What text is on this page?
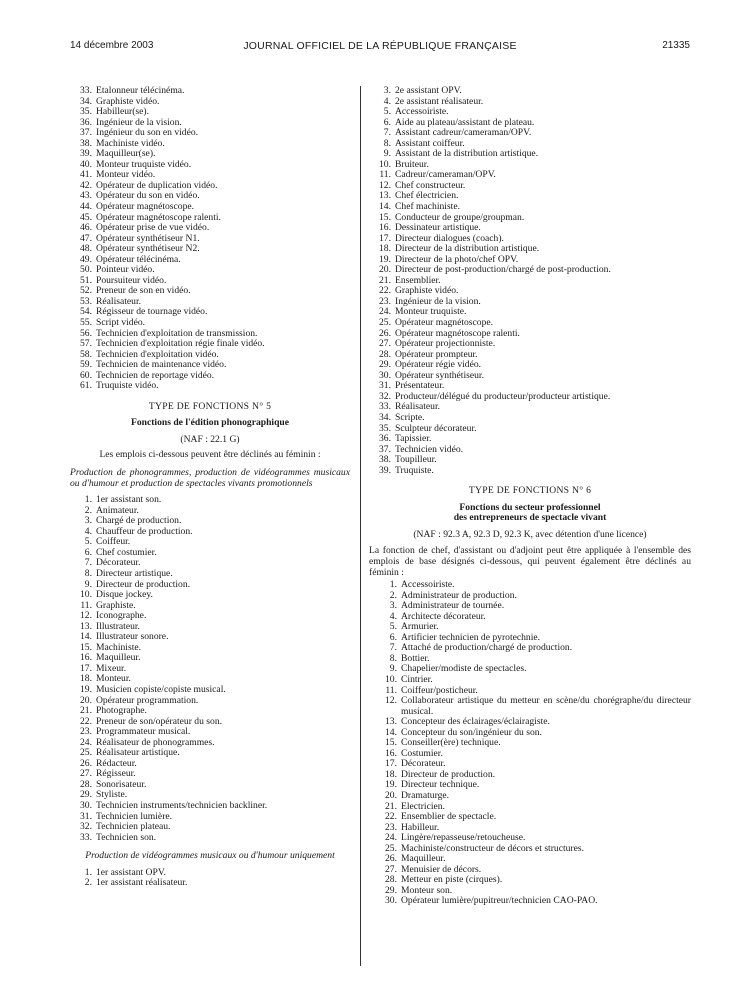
14 décembre 2003	JOURNAL OFFICIEL DE LA RÉPUBLIQUE FRANÇAISE	21335
33. Etalonneur télécinéma.
34. Graphiste vidéo.
35. Habilleur(se).
36. Ingénieur de la vision.
37. Ingénieur du son en vidéo.
38. Machiniste vidéo.
39. Maquilleur(se).
40. Monteur truquiste vidéo.
41. Monteur vidéo.
42. Opérateur de duplication vidéo.
43. Opérateur du son en vidéo.
44. Opérateur magnétoscope.
45. Opérateur magnétoscope ralenti.
46. Opérateur prise de vue vidéo.
47. Opérateur synthétiseur N1.
48. Opérateur synthétiseur N2.
49. Opérateur télécinéma.
50. Pointeur vidéo.
51. Poursuiteur vidéo.
52. Preneur de son en vidéo.
53. Réalisateur.
54. Régisseur de tournage vidéo.
55. Script vidéo.
56. Technicien d'exploitation de transmission.
57. Technicien d'exploitation régie finale vidéo.
58. Technicien d'exploitation vidéo.
59. Technicien de maintenance vidéo.
60. Technicien de reportage vidéo.
61. Truquiste vidéo.
TYPE DE FONCTIONS N° 5
Fonctions de l'édition phonographique
(NAF : 22.1 G)
Les emplois ci-dessous peuvent être déclinés au féminin :
Production de phonogrammes, production de vidéogrammes musicaux ou d'humour et production de spectacles vivants promotionnels
1. 1er assistant son.
2. Animateur.
3. Chargé de production.
4. Chauffeur de production.
5. Coiffeur.
6. Chef costumier.
7. Décorateur.
8. Directeur artistique.
9. Directeur de production.
10. Disque jockey.
11. Graphiste.
12. Iconographe.
13. Illustrateur.
14. Illustrateur sonore.
15. Machiniste.
16. Maquilleur.
17. Mixeur.
18. Monteur.
19. Musicien copiste/copiste musical.
20. Opérateur programmation.
21. Photographe.
22. Preneur de son/opérateur du son.
23. Programmateur musical.
24. Réalisateur de phonogrammes.
25. Réalisateur artistique.
26. Rédacteur.
27. Régisseur.
28. Sonorisateur.
29. Styliste.
30. Technicien instruments/technicien backliner.
31. Technicien lumière.
32. Technicien plateau.
33. Technicien son.
Production de vidéogrammes musicaux ou d'humour uniquement
1. 1er assistant OPV.
2. 1er assistant réalisateur.
3. 2e assistant OPV.
4. 2e assistant réalisateur.
5. Accessoiriste.
6. Aide au plateau/assistant de plateau.
7. Assistant cadreur/cameraman/OPV.
8. Assistant coiffeur.
9. Assistant de la distribution artistique.
10. Bruiteur.
11. Cadreur/cameraman/OPV.
12. Chef constructeur.
13. Chef électricien.
14. Chef machiniste.
15. Conducteur de groupe/groupman.
16. Dessinateur artistique.
17. Directeur dialogues (coach).
18. Directeur de la distribution artistique.
19. Directeur de la photo/chef OPV.
20. Directeur de post-production/chargé de post-production.
21. Ensemblier.
22. Graphiste vidéo.
23. Ingénieur de la vision.
24. Monteur truquiste.
25. Opérateur magnétoscope.
26. Opérateur magnétoscope ralenti.
27. Opérateur projectionniste.
28. Opérateur prompteur.
29. Opérateur régie vidéo.
30. Opérateur synthétiseur.
31. Présentateur.
32. Producteur/délégué du producteur/producteur artistique.
33. Réalisateur.
34. Scripte.
35. Sculpteur décorateur.
36. Tapissier.
37. Technicien vidéo.
38. Toupilleur.
39. Truquiste.
TYPE DE FONCTIONS N° 6
Fonctions du secteur professionnel
des entrepreneurs de spectacle vivant
(NAF : 92.3 A, 92.3 D, 92.3 K, avec détention d'une licence)
La fonction de chef, d'assistant ou d'adjoint peut être appliquée à l'ensemble des emplois de base désignés ci-dessous, qui peuvent également être déclinés au féminin :
1. Accessoiriste.
2. Administrateur de production.
3. Administrateur de tournée.
4. Architecte décorateur.
5. Armurier.
6. Artificier technicien de pyrotechnie.
7. Attaché de production/chargé de production.
8. Bottier.
9. Chapelier/modiste de spectacles.
10. Cintrier.
11. Coiffeur/posticheur.
12. Collaborateur artistique du metteur en scène/du chorégraphe/du directeur musical.
13. Concepteur des éclairages/éclairagiste.
14. Concepteur du son/ingénieur du son.
15. Conseiller(ère) technique.
16. Costumier.
17. Décorateur.
18. Directeur de production.
19. Directeur technique.
20. Dramaturge.
21. Electricien.
22. Ensemblier de spectacle.
23. Habilleur.
24. Lingère/repasseuse/retoucheuse.
25. Machiniste/constructeur de décors et structures.
26. Maquilleur.
27. Menuisier de décors.
28. Metteur en piste (cirques).
29. Monteur son.
30. Opérateur lumière/pupitreur/technicien CAO-PAO.
